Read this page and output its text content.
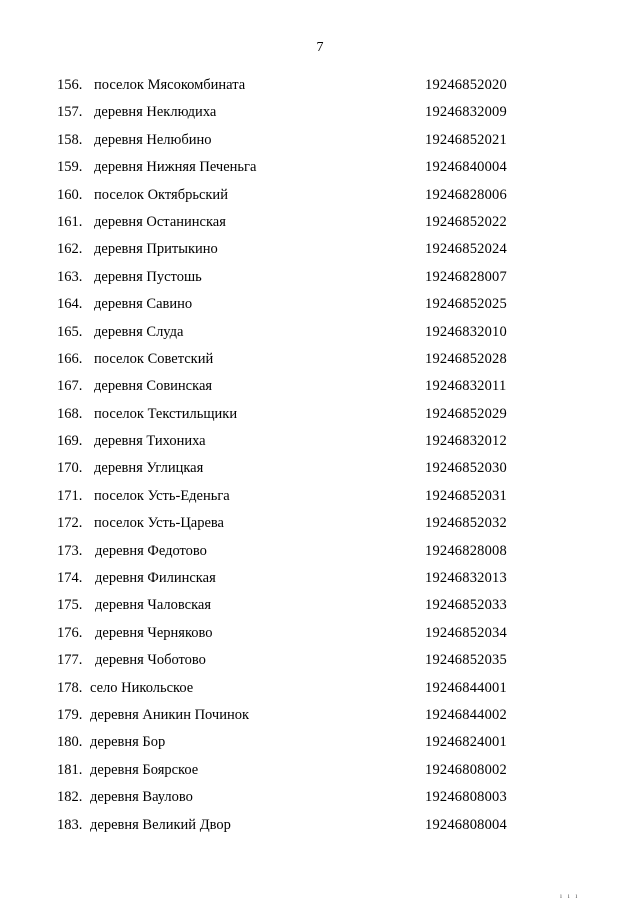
7
156. поселок Мясокомбината	19246852020
157. деревня Неклюдиха	19246832009
158. деревня Нелюбино	19246852021
159. деревня Нижняя Печеньга	19246840004
160. поселок Октябрьский	19246828006
161. деревня Останинская	19246852022
162. деревня Притыкино	19246852024
163. деревня Пустошь	19246828007
164. деревня Савино	19246852025
165. деревня Слуда	19246832010
166. поселок Советский	19246852028
167. деревня Совинская	19246832011
168. поселок Текстильщики	19246852029
169. деревня Тихониха	19246832012
170. деревня Углицкая	19246852030
171. поселок Усть-Еденьга	19246852031
172. поселок Усть-Царева	19246852032
173. деревня Федотово	19246828008
174. деревня Филинская	19246832013
175. деревня Чаловская	19246852033
176. деревня Черняково	19246852034
177. деревня Чоботово	19246852035
178. село Никольское	19246844001
179. деревня Аникин Починок	19246844002
180. деревня Бор	19246824001
181. деревня Боярское	19246808002
182. деревня Ваулово	19246808003
183. деревня Великий Двор	19246808004
ı ı ı
